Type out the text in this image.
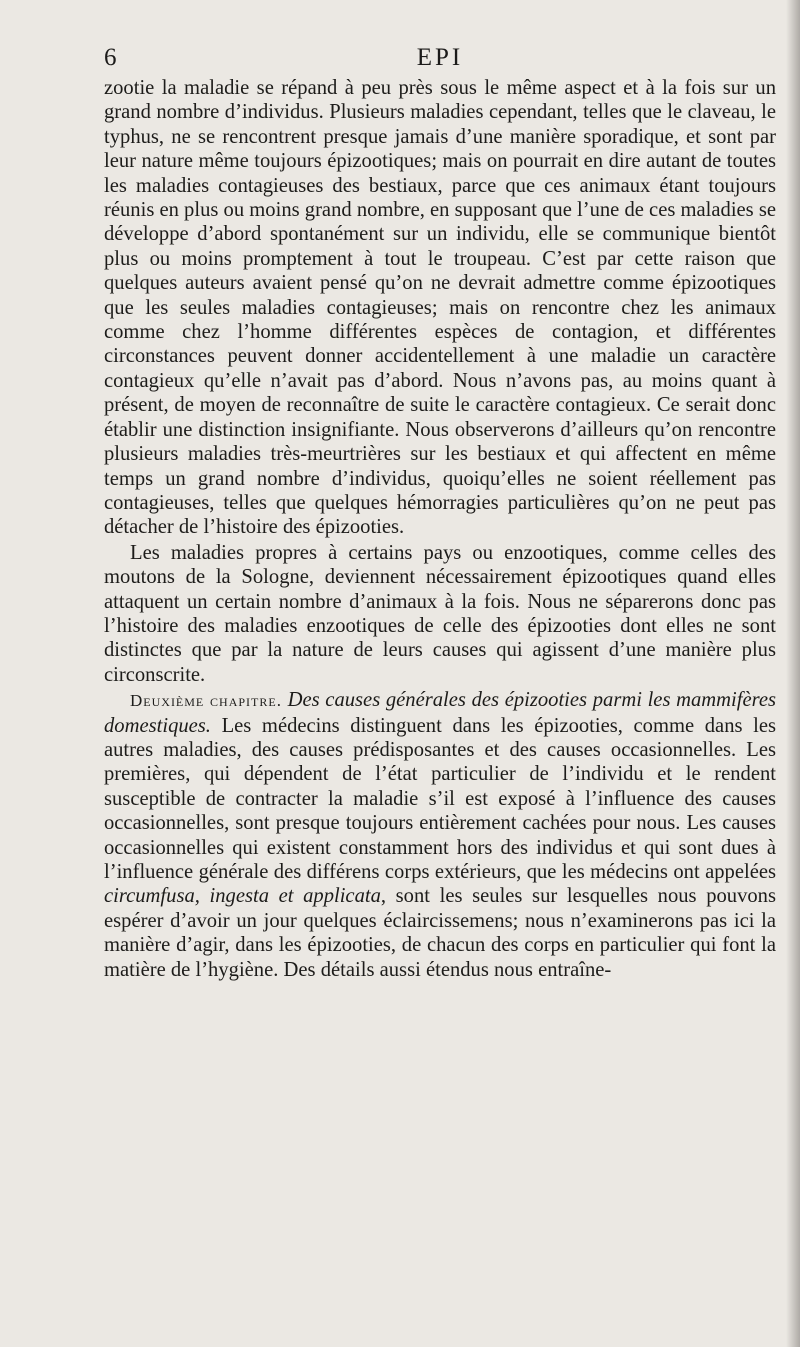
6	EPI

zootie la maladie se répand à peu près sous le même aspect et à la fois sur un grand nombre d’individus. Plusieurs maladies cependant, telles que le claveau, le typhus, ne se rencontrent presque jamais d’une manière sporadique, et sont par leur nature même toujours épizootiques; mais on pourrait en dire autant de toutes les maladies contagieuses des bestiaux, parce que ces animaux étant toujours réunis en plus ou moins grand nombre, en supposant que l’une de ces maladies se développe d’abord spontanément sur un individu, elle se communique bientôt plus ou moins promptement à tout le troupeau. C’est par cette raison que quelques auteurs avaient pensé qu’on ne devrait admettre comme épizootiques que les seules maladies contagieuses; mais on rencontre chez les animaux comme chez l’homme différentes espèces de contagion, et différentes circonstances peuvent donner accidentellement à une maladie un caractère contagieux qu’elle n’avait pas d’abord. Nous n’avons pas, au moins quant à présent, de moyen de reconnaître de suite le caractère contagieux. Ce serait donc établir une distinction insignifiante. Nous observerons d’ailleurs qu’on rencontre plusieurs maladies très-meurtrières sur les bestiaux et qui affectent en même temps un grand nombre d’individus, quoiqu’elles ne soient réellement pas contagieuses, telles que quelques hémorragies particulières qu’on ne peut pas détacher de l’histoire des épizooties.

Les maladies propres à certains pays ou enzootiques, comme celles des moutons de la Sologne, deviennent nécessairement épizootiques quand elles attaquent un certain nombre d’animaux à la fois. Nous ne séparerons donc pas l’histoire des maladies enzootiques de celle des épizooties dont elles ne sont distinctes que par la nature de leurs causes qui agissent d’une manière plus circonscrite.

Deuxième chapitre. Des causes générales des épizooties parmi les mammifères domestiques. Les médecins distinguent dans les épizooties, comme dans les autres maladies, des causes prédisposantes et des causes occasionnelles. Les premières, qui dépendent de l’état particulier de l’individu et le rendent susceptible de contracter la maladie s’il est exposé à l’influence des causes occasionnelles, sont presque toujours entièrement cachées pour nous. Les causes occasionnelles qui existent constamment hors des individus et qui sont dues à l’influence générale des différens corps extérieurs, que les médecins ont appelées circumfusa, ingesta et applicata, sont les seules sur lesquelles nous pouvons espérer d’avoir un jour quelques éclaircissemens; nous n’examinerons pas ici la manière d’agir, dans les épizooties, de chacun des corps en particulier qui font la matière de l’hygiène. Des détails aussi étendus nous entraîne-
